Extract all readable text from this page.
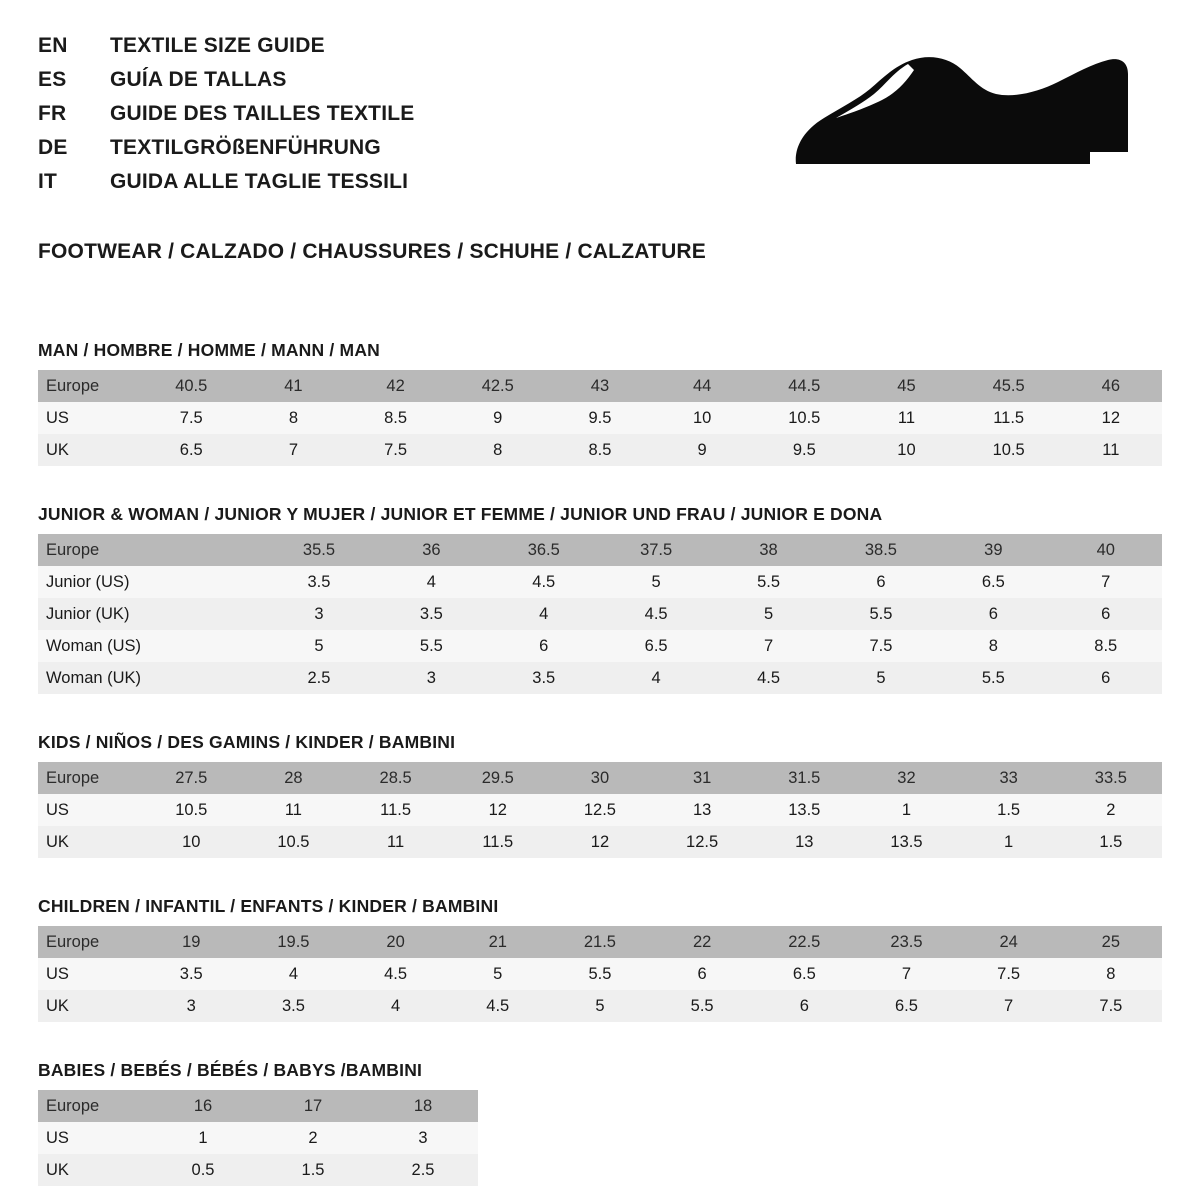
EN	TEXTILE SIZE GUIDE
ES	GUÍA DE TALLAS
FR	GUIDE DES TAILLES TEXTILE
DE	TEXTILGRÖßENFÜHRUNG
IT	GUIDA ALLE TAGLIE TESSILI
FOOTWEAR / CALZADO / CHAUSSURES / SCHUHE / CALZATURE
MAN / HOMBRE / HOMME / MANN / MAN
Europe	40.5	41	42	42.5	43	44	44.5	45	45.5	46
US	7.5	8	8.5	9	9.5	10	10.5	11	11.5	12
UK	6.5	7	7.5	8	8.5	9	9.5	10	10.5	11
JUNIOR & WOMAN / JUNIOR Y MUJER / JUNIOR ET FEMME / JUNIOR UND FRAU / JUNIOR E DONA
Europe		35.5	36	36.5	37.5	38	38.5	39	40
Junior (US)		3.5	4	4.5	5	5.5	6	6.5	7
Junior (UK)		3	3.5	4	4.5	5	5.5	6	6
Woman (US)		5	5.5	6	6.5	7	7.5	8	8.5
Woman (UK)		2.5	3	3.5	4	4.5	5	5.5	6
KIDS / NIÑOS / DES GAMINS / KINDER / BAMBINI
Europe	27.5	28	28.5	29.5	30	31	31.5	32	33	33.5
US	10.5	11	11.5	12	12.5	13	13.5	1	1.5	2
UK	10	10.5	11	11.5	12	12.5	13	13.5	1	1.5
CHILDREN / INFANTIL / ENFANTS / KINDER / BAMBINI
Europe	19	19.5	20	21	21.5	22	22.5	23.5	24	25
US	3.5	4	4.5	5	5.5	6	6.5	7	7.5	8
UK	3	3.5	4	4.5	5	5.5	6	6.5	7	7.5
BABIES / BEBÉS / BÉBÉS / BABYS /BAMBINI
Europe	16	17	18
US	1	2	3
UK	0.5	1.5	2.5
